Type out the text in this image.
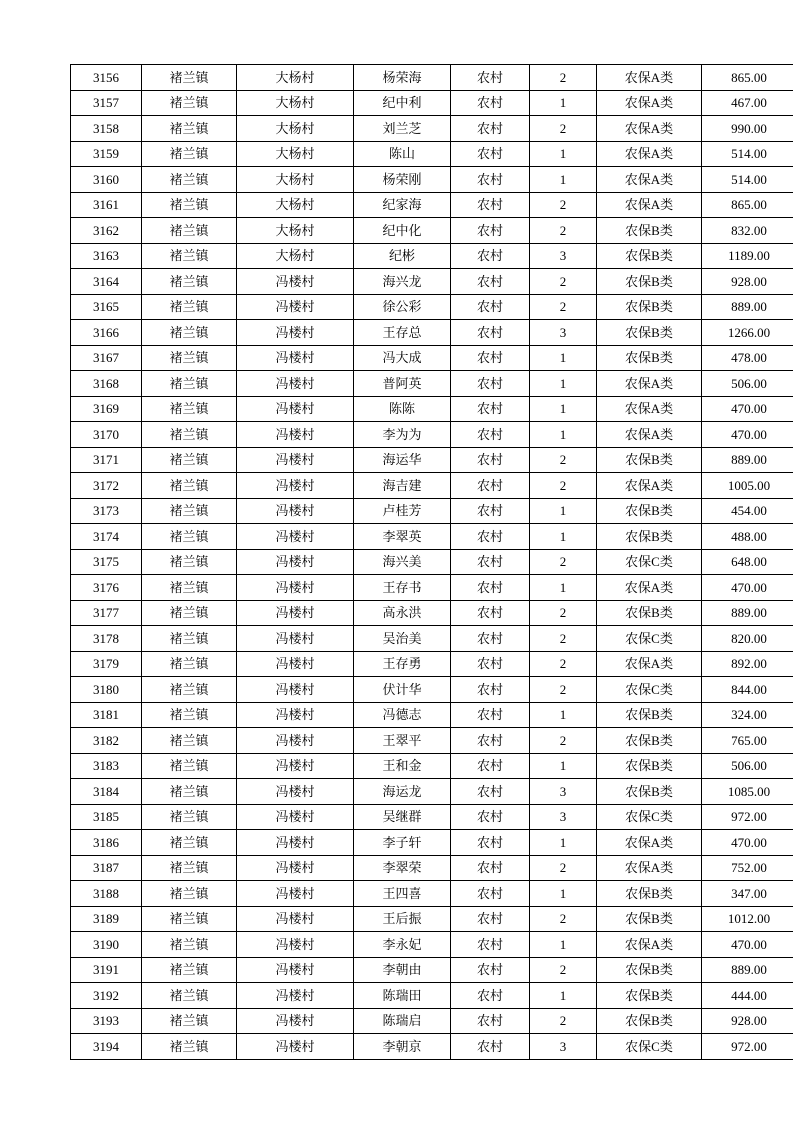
3156	褚兰镇	大杨村	杨荣海	农村	2	农保A类	865.00
3157	褚兰镇	大杨村	纪中利	农村	1	农保A类	467.00
3158	褚兰镇	大杨村	刘兰芝	农村	2	农保A类	990.00
3159	褚兰镇	大杨村	陈山	农村	1	农保A类	514.00
3160	褚兰镇	大杨村	杨荣刚	农村	1	农保A类	514.00
3161	褚兰镇	大杨村	纪家海	农村	2	农保A类	865.00
3162	褚兰镇	大杨村	纪中化	农村	2	农保B类	832.00
3163	褚兰镇	大杨村	纪彬	农村	3	农保B类	1189.00
3164	褚兰镇	冯楼村	海兴龙	农村	2	农保B类	928.00
3165	褚兰镇	冯楼村	徐公彩	农村	2	农保B类	889.00
3166	褚兰镇	冯楼村	王存总	农村	3	农保B类	1266.00
3167	褚兰镇	冯楼村	冯大成	农村	1	农保B类	478.00
3168	褚兰镇	冯楼村	普阿英	农村	1	农保A类	506.00
3169	褚兰镇	冯楼村	陈陈	农村	1	农保A类	470.00
3170	褚兰镇	冯楼村	李为为	农村	1	农保A类	470.00
3171	褚兰镇	冯楼村	海运华	农村	2	农保B类	889.00
3172	褚兰镇	冯楼村	海吉建	农村	2	农保A类	1005.00
3173	褚兰镇	冯楼村	卢桂芳	农村	1	农保B类	454.00
3174	褚兰镇	冯楼村	李翠英	农村	1	农保B类	488.00
3175	褚兰镇	冯楼村	海兴美	农村	2	农保C类	648.00
3176	褚兰镇	冯楼村	王存书	农村	1	农保A类	470.00
3177	褚兰镇	冯楼村	高永洪	农村	2	农保B类	889.00
3178	褚兰镇	冯楼村	吴治美	农村	2	农保C类	820.00
3179	褚兰镇	冯楼村	王存勇	农村	2	农保A类	892.00
3180	褚兰镇	冯楼村	伏计华	农村	2	农保C类	844.00
3181	褚兰镇	冯楼村	冯德志	农村	1	农保B类	324.00
3182	褚兰镇	冯楼村	王翠平	农村	2	农保B类	765.00
3183	褚兰镇	冯楼村	王和金	农村	1	农保B类	506.00
3184	褚兰镇	冯楼村	海运龙	农村	3	农保B类	1085.00
3185	褚兰镇	冯楼村	吴继群	农村	3	农保C类	972.00
3186	褚兰镇	冯楼村	李子轩	农村	1	农保A类	470.00
3187	褚兰镇	冯楼村	李翠荣	农村	2	农保A类	752.00
3188	褚兰镇	冯楼村	王四喜	农村	1	农保B类	347.00
3189	褚兰镇	冯楼村	王后振	农村	2	农保B类	1012.00
3190	褚兰镇	冯楼村	李永妃	农村	1	农保A类	470.00
3191	褚兰镇	冯楼村	李朝由	农村	2	农保B类	889.00
3192	褚兰镇	冯楼村	陈瑞田	农村	1	农保B类	444.00
3193	褚兰镇	冯楼村	陈瑞启	农村	2	农保B类	928.00
3194	褚兰镇	冯楼村	李朝京	农村	3	农保C类	972.00
